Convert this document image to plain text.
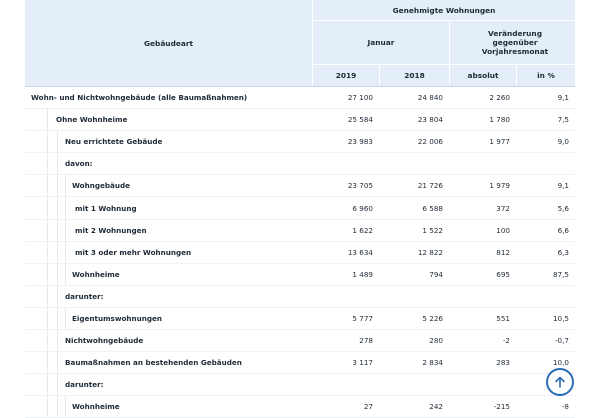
Gebäudeart
Genehmigte Wohnungen
Januar
Veränderung gegenüber Vorjahresmonat
2019	2018	absolut	in %
Wohn- und Nichtwohngebäude (alle Baumaßnahmen)	27 100	24 840	2 260	9,1
Ohne Wohnheime	25 584	23 804	1 780	7,5
Neu errichtete Gebäude	23 983	22 006	1 977	9,0
davon:
Wohngebäude	23 705	21 726	1 979	9,1
mit 1 Wohnung	6 960	6 588	372	5,6
mit 2 Wohnungen	1 622	1 522	100	6,6
mit 3 oder mehr Wohnungen	13 634	12 822	812	6,3
Wohnheime	1 489	794	695	87,5
darunter:
Eigentumswohnungen	5 777	5 226	551	10,5
Nichtwohngebäude	278	280	-2	-0,7
Baumaßnahmen an bestehenden Gebäuden	3 117	2 834	283	10,0
darunter:
Wohnheime	27	242	-215	-8
